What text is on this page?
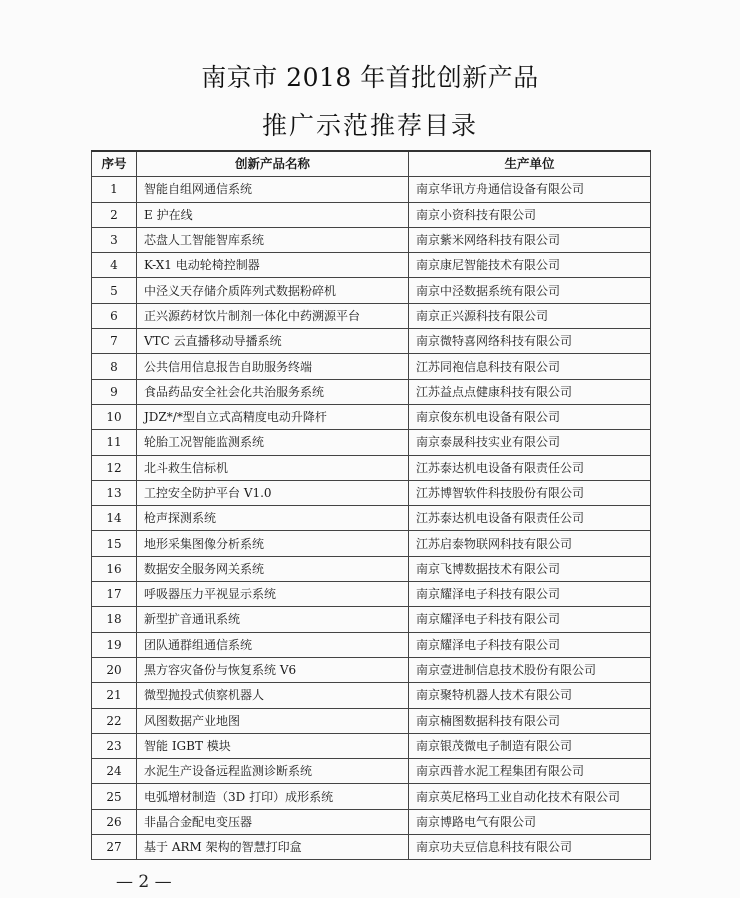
南京市 2018 年首批创新产品
推广示范推荐目录
序号	创新产品名称	生产单位
1	智能自组网通信系统	南京华讯方舟通信设备有限公司
2	E 护在线	南京小资科技有限公司
3	芯盘人工智能智库系统	南京紫米网络科技有限公司
4	K-X1 电动轮椅控制器	南京康尼智能技术有限公司
5	中泾义天存储介质阵列式数据粉碎机	南京中泾数据系统有限公司
6	正兴源药材饮片制剂一体化中药溯源平台	南京正兴源科技有限公司
7	VTC 云直播移动导播系统	南京微特喜网络科技有限公司
8	公共信用信息报告自助服务终端	江苏同袍信息科技有限公司
9	食品药品安全社会化共治服务系统	江苏益点点健康科技有限公司
10	JDZ*/*型自立式高精度电动升降杆	南京俊东机电设备有限公司
11	轮胎工况智能监测系统	南京泰晟科技实业有限公司
12	北斗救生信标机	江苏泰达机电设备有限责任公司
13	工控安全防护平台 V1.0	江苏博智软件科技股份有限公司
14	枪声探测系统	江苏泰达机电设备有限责任公司
15	地形采集图像分析系统	江苏启泰物联网科技有限公司
16	数据安全服务网关系统	南京飞博数据技术有限公司
17	呼吸器压力平视显示系统	南京耀泽电子科技有限公司
18	新型扩音通讯系统	南京耀泽电子科技有限公司
19	团队通群组通信系统	南京耀泽电子科技有限公司
20	黑方容灾备份与恢复系统 V6	南京壹进制信息技术股份有限公司
21	微型抛投式侦察机器人	南京聚特机器人技术有限公司
22	风图数据产业地图	南京楠图数据科技有限公司
23	智能 IGBT 模块	南京银茂微电子制造有限公司
24	水泥生产设备远程监测诊断系统	南京西普水泥工程集团有限公司
25	电弧增材制造（3D 打印）成形系统	南京英尼格玛工业自动化技术有限公司
26	非晶合金配电变压器	南京博路电气有限公司
27	基于 ARM 架构的智慧打印盒	南京功夫豆信息科技有限公司
— 2 —
